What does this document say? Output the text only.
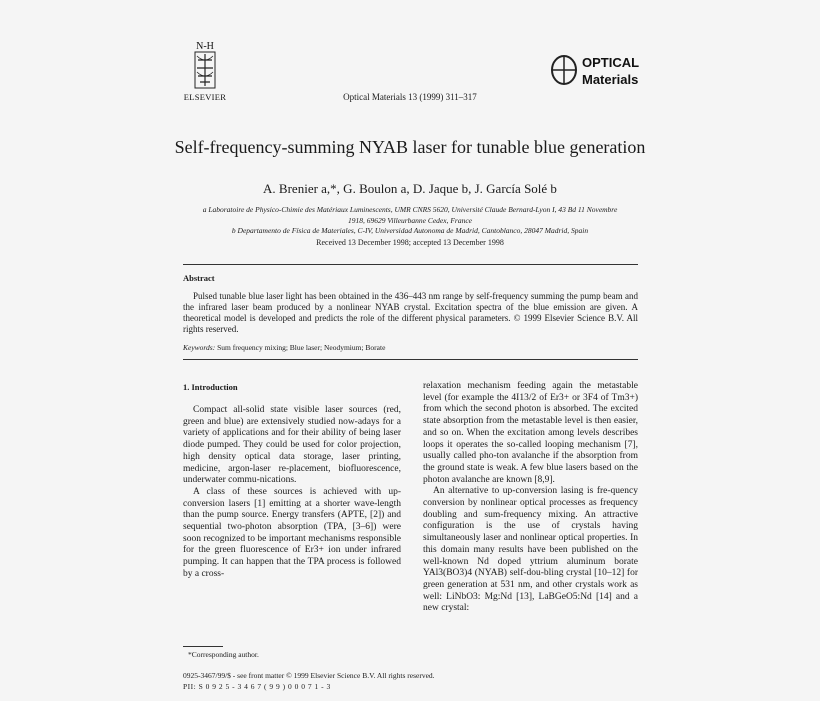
N-H
ELSEVIER	Optical Materials 13 (1999) 311–317
OPTICAL
Materials
Self-frequency-summing NYAB laser for tunable blue generation
A. Brenier a,*, G. Boulon a, D. Jaque b, J. García Solé b
a Laboratoire de Physico-Chimie des Matériaux Luminescents, UMR CNRS 5620, Université Claude Bernard-Lyon I, 43 Bd 11 Novembre 1918, 69629 Villeurbanne Cedex, France
b Departamento de Física de Materiales, C-IV, Universidad Autonoma de Madrid, Cantoblanco, 28047 Madrid, Spain
Received 13 December 1998; accepted 13 December 1998
Abstract
Pulsed tunable blue laser light has been obtained in the 436–443 nm range by self-frequency summing the pump beam and the infrared laser beam produced by a nonlinear NYAB crystal. Excitation spectra of the blue emission are given. A theoretical model is developed and predicts the role of the different physical parameters. © 1999 Elsevier Science B.V. All rights reserved.
Keywords: Sum frequency mixing; Blue laser; Neodymium; Borate
1. Introduction

Compact all-solid state visible laser sources (red, green and blue) are extensively studied now-adays for a variety of applications and for their ability of being laser diode pumped. They could be used for color projection, high density optical data storage, laser printing, medicine, argon-laser re-placement, biofluorescence, underwater commu-nications.

A class of these sources is achieved with up-conversion lasers [1] emitting at a shorter wave-length than the pump source. Energy transfers (APTE, [2]) and sequential two-photon absorption (TPA, [3–6]) were soon recognized to be important mechanisms responsible for the green fluorescence of Er3+ ion under infrared pumping. It can happen that the TPA process is followed by a cross-

relaxation mechanism feeding again the metastable level (for example the 4I13/2 of Er3+ or 3F4 of Tm3+) from which the second photon is absorbed. The excited state absorption from the metastable level is then easier, and so on. When the excitation among levels describes loops it operates the so-called looping mechanism [7], usually called pho-ton avalanche if the absorption from the ground state is weak. A few blue lasers based on the photon avalanche are known [8,9].

An alternative to up-conversion lasing is fre-quency conversion by nonlinear optical processes as frequency doubling and sum-frequency mixing. An attractive configuration is the use of crystals having simultaneously laser and nonlinear optical properties. In this domain many results have been published on the well-known Nd doped yttrium aluminum borate YAl3(BO3)4 (NYAB) self-dou-bling crystal [10–12] for green generation at 531 nm, and other crystals work as well: LiNbO3: Mg:Nd [13], LaBGeO5:Nd [14] and a new crystal:

*Corresponding author.
0925-3467/99/$ - see front matter © 1999 Elsevier Science B.V. All rights reserved.
PII: S 0 9 2 5 - 3 4 6 7 ( 9 9 ) 0 0 0 7 1 - 3
